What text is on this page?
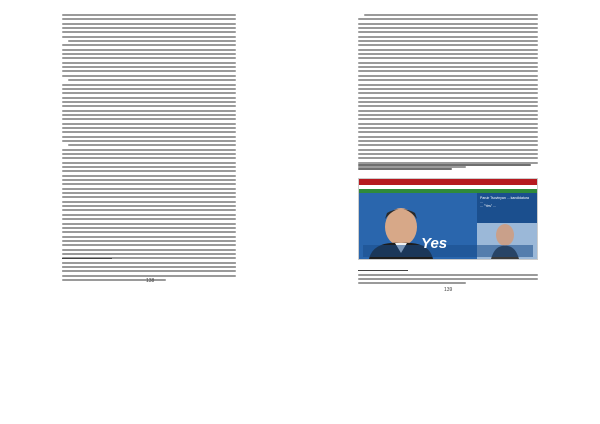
138
Paruir Tsovinyan ... kandidatura
...
... "Yes" ...
Yes
139
